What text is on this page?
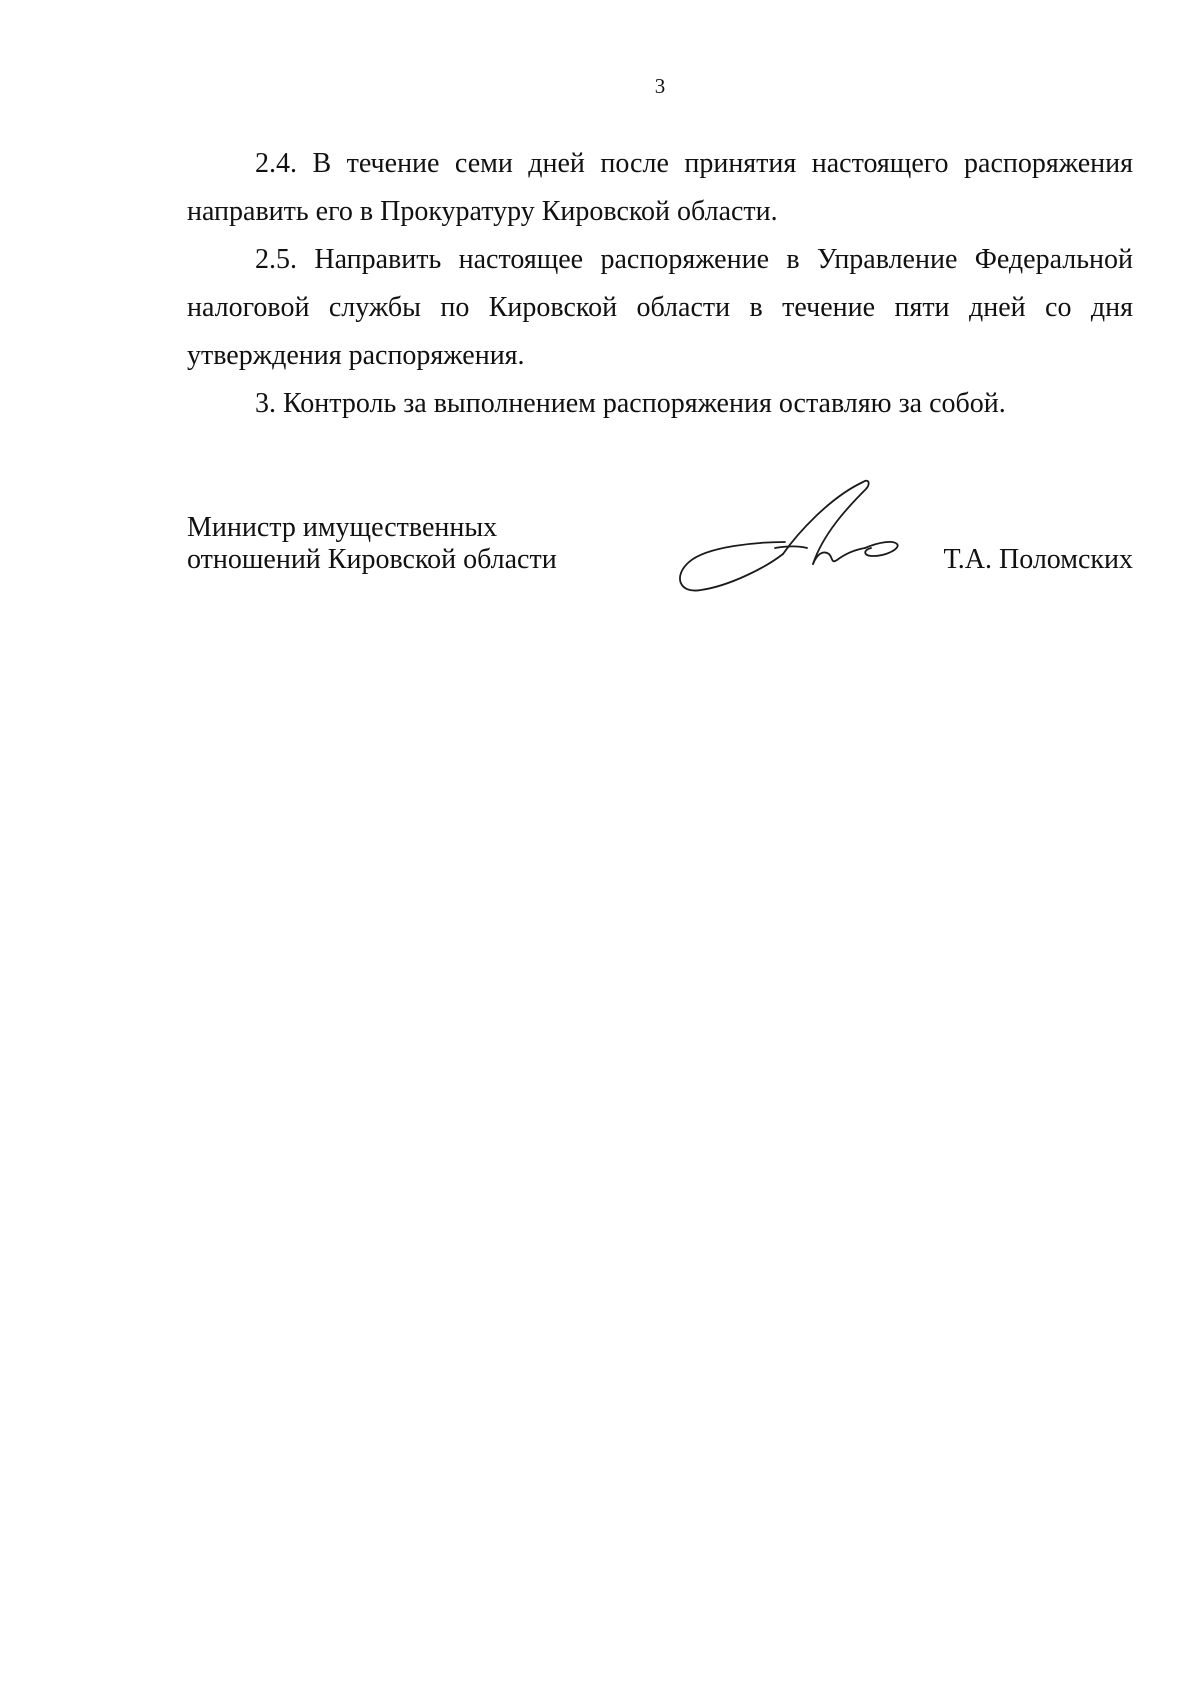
3

2.4. В течение семи дней после принятия настоящего распоряжения направить его в Прокуратуру Кировской области.

2.5. Направить настоящее распоряжение в Управление Федеральной налоговой службы по Кировской области в течение пяти дней со дня утверждения распоряжения.

3. Контроль за выполнением распоряжения оставляю за собой.

Министр имущественных
отношений Кировской области	Т.А. Поломских
